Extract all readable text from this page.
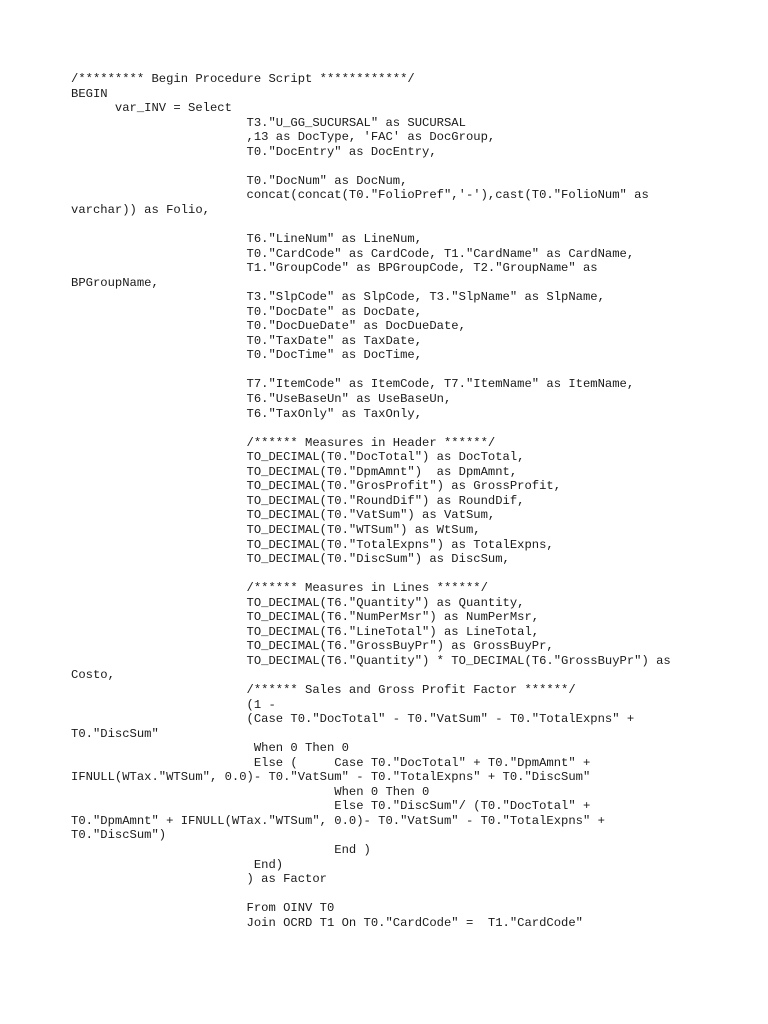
/********* Begin Procedure Script ************/
BEGIN
var_INV = Select
T3."U_GG_SUCURSAL" as SUCURSAL
,13 as DocType, 'FAC' as DocGroup,
T0."DocEntry" as DocEntry,
T0."DocNum" as DocNum,
concat(concat(T0."FolioPref",'-'),cast(T0."FolioNum" as
varchar)) as Folio,
T6."LineNum" as LineNum,
T0."CardCode" as CardCode, T1."CardName" as CardName,
T1."GroupCode" as BPGroupCode, T2."GroupName" as
BPGroupName,
T3."SlpCode" as SlpCode, T3."SlpName" as SlpName,
T0."DocDate" as DocDate,
T0."DocDueDate" as DocDueDate,
T0."TaxDate" as TaxDate,
T0."DocTime" as DocTime,
T7."ItemCode" as ItemCode, T7."ItemName" as ItemName,
T6."UseBaseUn" as UseBaseUn,
T6."TaxOnly" as TaxOnly,
/****** Measures in Header ******/
TO_DECIMAL(T0."DocTotal") as DocTotal,
TO_DECIMAL(T0."DpmAmnt")  as DpmAmnt,
TO_DECIMAL(T0."GrosProfit") as GrossProfit,
TO_DECIMAL(T0."RoundDif") as RoundDif,
TO_DECIMAL(T0."VatSum") as VatSum,
TO_DECIMAL(T0."WTSum") as WtSum,
TO_DECIMAL(T0."TotalExpns") as TotalExpns,
TO_DECIMAL(T0."DiscSum") as DiscSum,
/****** Measures in Lines ******/
TO_DECIMAL(T6."Quantity") as Quantity,
TO_DECIMAL(T6."NumPerMsr") as NumPerMsr,
TO_DECIMAL(T6."LineTotal") as LineTotal,
TO_DECIMAL(T6."GrossBuyPr") as GrossBuyPr,
TO_DECIMAL(T6."Quantity") * TO_DECIMAL(T6."GrossBuyPr") as
Costo,
/****** Sales and Gross Profit Factor ******/
(1 -
(Case T0."DocTotal" - T0."VatSum" - T0."TotalExpns" +
T0."DiscSum"
When 0 Then 0
Else (     Case T0."DocTotal" + T0."DpmAmnt" +
IFNULL(WTax."WTSum", 0.0)- T0."VatSum" - T0."TotalExpns" + T0."DiscSum"
When 0 Then 0
Else T0."DiscSum"/ (T0."DocTotal" +
T0."DpmAmnt" + IFNULL(WTax."WTSum", 0.0)- T0."VatSum" - T0."TotalExpns" +
T0."DiscSum")
End )
End)
) as Factor
From OINV T0
Join OCRD T1 On T0."CardCode" =  T1."CardCode"
